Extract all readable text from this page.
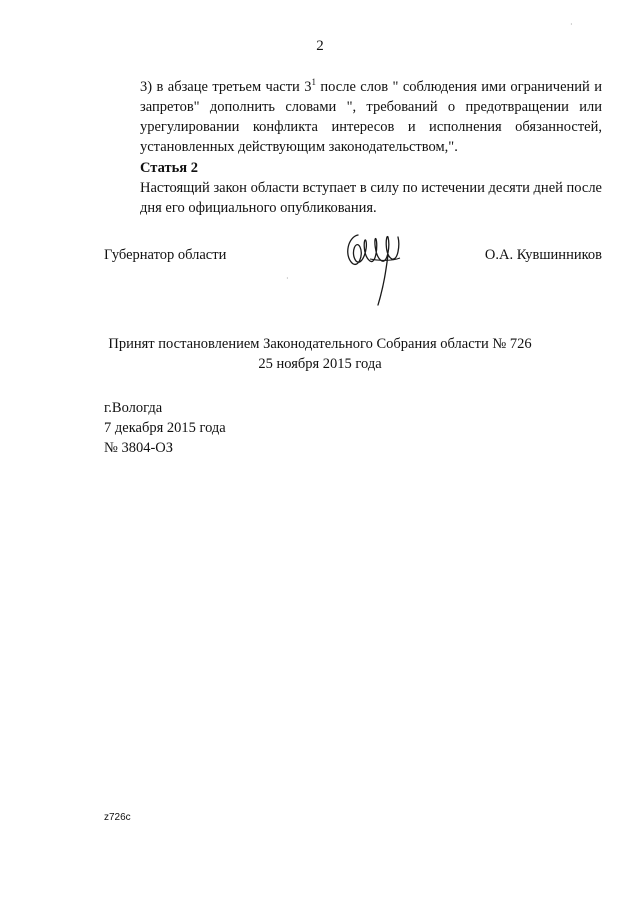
2
3) в абзаце третьем части $3^1$ после слов " соблюдения ими ограничений и запретов" дополнить словами ", требований о предотвращении или урегулировании конфликта интересов и исполнения обязанностей, установленных действующим законодательством,".
Статья 2
Настоящий закон области вступает в силу по истечении десяти дней после дня его официального опубликования.
Губернатор области	О.А. Кувшинников
Принят постановлением Законодательного Собрания области № 726
25 ноября 2015 года
г.Вологда
7 декабря 2015 года
№ 3804-ОЗ
z726c
·
·
